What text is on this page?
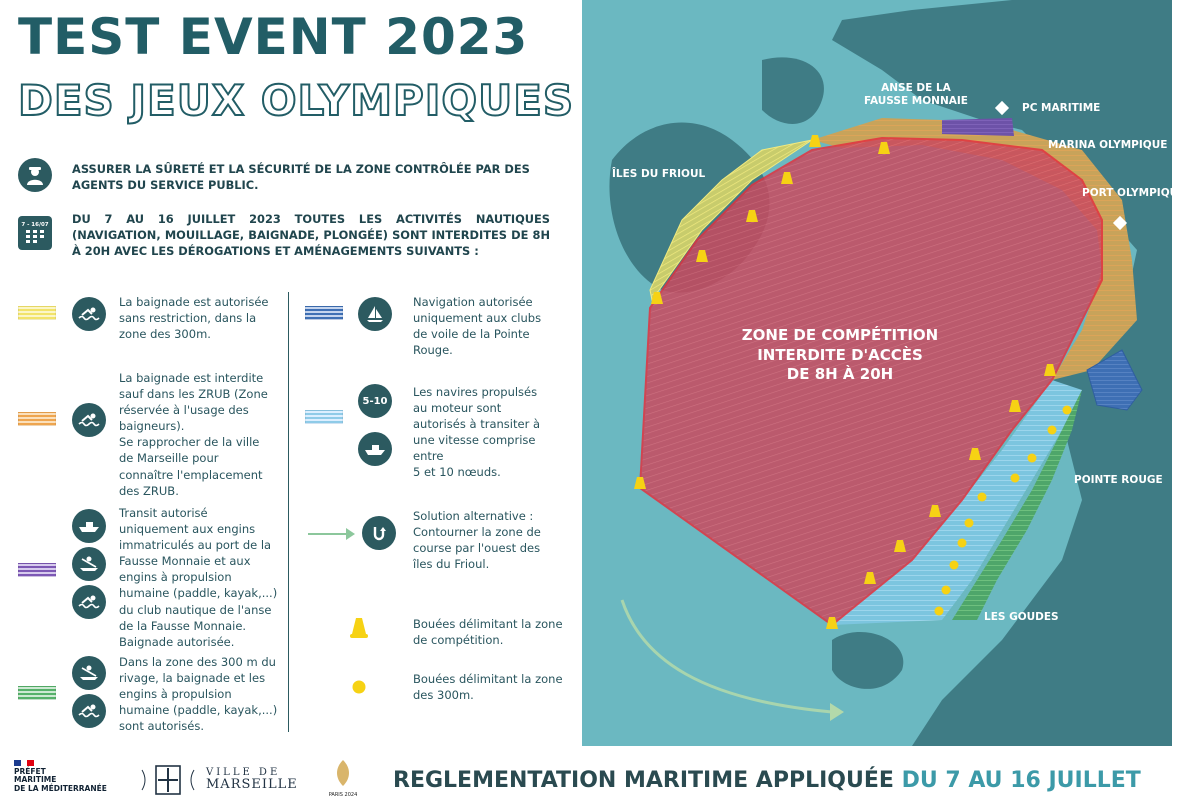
TEST EVENT 2023
DES JEUX OLYMPIQUES
ASSURER LA SÛRETÉ ET LA SÉCURITÉ DE LA ZONE CONTRÔLÉE PAR DES AGENTS DU SERVICE PUBLIC.
7 - 16/07 DU 7 AU 16 JUILLET 2023 TOUTES LES ACTIVITÉS NAUTIQUES (NAVIGATION, MOUILLAGE, BAIGNADE, PLONGÉE) SONT INTERDITES DE 8H À 20H AVEC LES DÉROGATIONS ET AMÉNAGEMENTS SUIVANTS :
La baignade est autorisée sans restriction, dans la zone des 300m.
La baignade est interdite sauf dans les ZRUB (Zone réservée à l'usage des baigneurs).
Se rapprocher de la ville de Marseille pour connaître l'emplacement des ZRUB.
Transit autorisé uniquement aux engins immatriculés au port de la Fausse Monnaie et aux engins à propulsion humaine (paddle, kayak,...) du club nautique de l'anse de la Fausse Monnaie.
Baignade autorisée.
Dans la zone des 300 m du rivage, la baignade et les engins à propulsion humaine (paddle, kayak,...) sont autorisés.
Navigation autorisée uniquement aux clubs de voile de la Pointe Rouge.
5-10
Les navires propulsés au moteur sont autorisés à transiter à une vitesse comprise entre
5 et 10 nœuds.
Solution alternative :
Contourner la zone de course par l'ouest des îles du Frioul.
Bouées délimitant la zone de compétition.
Bouées délimitant la zone des 300m.
ZONE DE COMPÉTITION
INTERDITE D'ACCÈS
DE 8H À 20H
ÎLES DU FRIOUL
ANSE DE LA
FAUSSE MONNAIE
PC MARITIME
MARINA OLYMPIQUE
PORT OLYMPIQUE
POINTE ROUGE
LES GOUDES
PRÉFET
MARITIME
DE LA MÉDITERRANÉE
VILLE DE
MARSEILLE
PARIS 2024
REGLEMENTATION MARITIME APPLIQUÉE DU 7 AU 16 JUILLET
